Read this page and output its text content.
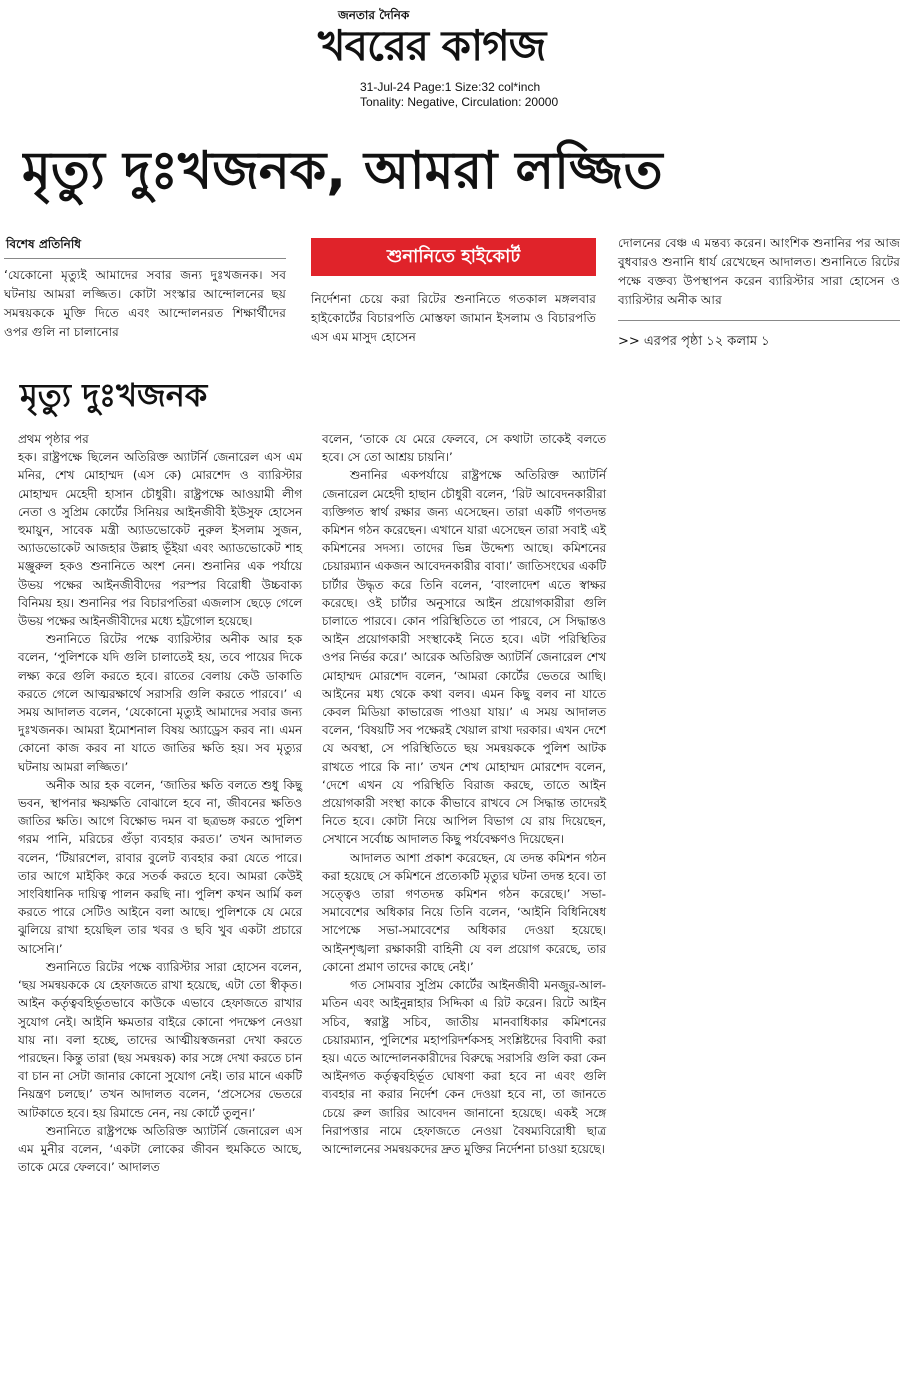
জনতার দৈনিক
খবরের কাগজ
31-Jul-24 Page:1 Size:32 col*inch
Tonality: Negative, Circulation: 20000
মৃত্যু দুঃখজনক, আমরা লজ্জিত
বিশেষ প্রতিনিধি

‘যেকোনো মৃত্যুই আমাদের সবার জন্য দুঃখজনক। সব ঘটনায় আমরা লজ্জিত। কোটা সংস্কার আন্দোলনের ছয় সমন্বয়ককে মুক্তি দিতে এবং আন্দোলনরত শিক্ষার্থীদের ওপর গুলি না চালানোর

শুনানিতে হাইকোর্ট

নির্দেশনা চেয়ে করা রিটের শুনানিতে গতকাল মঙ্গলবার হাইকোর্টের বিচারপতি মোস্তফা জামান ইসলাম ও বিচারপতি এস এম মাসুদ হোসেন

দোলনের বেঞ্চ এ মন্তব্য করেন। আংশিক শুনানির পর আজ বুধবারও শুনানি ধার্য রেখেছেন আদালত। শুনানিতে রিটের পক্ষে বক্তব্য উপস্থাপন করেন ব্যারিস্টার সারা হোসেন ও ব্যারিস্টার অনীক আর

>> এরপর পৃষ্ঠা ১২ কলাম ১
মৃত্যু দুঃখজনক

প্রথম পৃষ্ঠার পর

হক। রাষ্ট্রপক্ষে ছিলেন অতিরিক্ত অ্যাটর্নি জেনারেল এস এম মনির, শেখ মোহাম্মদ (এস কে) মোরশেদ ও ব্যারিস্টার মোহাম্মদ মেহেদী হাসান চৌধুরী। রাষ্ট্রপক্ষে আওয়ামী লীগ নেতা ও সুপ্রিম কোর্টের সিনিয়র আইনজীবী ইউসুফ হোসেন হুমায়ুন, সাবেক মন্ত্রী অ্যাডভোকেট নুরুল ইসলাম সুজন, অ্যাডভোকেট আজহার উল্লাহ ভূঁইয়া এবং অ্যাডভোকেট শাহ মঞ্জুরুল হকও শুনানিতে অংশ নেন। শুনানির এক পর্যায়ে উভয় পক্ষের আইনজীবীদের পরস্পর বিরোধী উচ্চবাক্য বিনিময় হয়। শুনানির পর বিচারপতিরা এজলাস ছেড়ে গেলে উভয় পক্ষের আইনজীবীদের মধ্যে হট্টগোল হয়েছে।

শুনানিতে রিটের পক্ষে ব্যারিস্টার অনীক আর হক বলেন, ‘পুলিশকে যদি গুলি চালাতেই হয়, তবে পায়ের দিকে লক্ষ্য করে গুলি করতে হবে। রাতের বেলায় কেউ ডাকাতি করতে গেলে আত্মরক্ষার্থে সরাসরি গুলি করতে পারবে।’ এ সময় আদালত বলেন, ‘যেকোনো মৃত্যুই আমাদের সবার জন্য দুঃখজনক। আমরা ইমোশনাল বিষয় অ্যাড্রেস করব না। এমন কোনো কাজ করব না যাতে জাতির ক্ষতি হয়। সব মৃত্যুর ঘটনায় আমরা লজ্জিত।’

অনীক আর হক বলেন, ‘জাতির ক্ষতি বলতে শুধু কিছু ভবন, স্থাপনার ক্ষয়ক্ষতি বোঝালে হবে না, জীবনের ক্ষতিও জাতির ক্ষতি। আগে বিক্ষোভ দমন বা ছত্রভঙ্গ করতে পুলিশ গরম পানি, মরিচের গুঁড়া ব্যবহার করত।’ তখন আদালত বলেন, ‘টিয়ারশেল, রাবার বুলেট ব্যবহার করা যেতে পারে। তার আগে মাইকিং করে সতর্ক করতে হবে। আমরা কেউই সাংবিধানিক দায়িত্ব পালন করছি না। পুলিশ কখন আর্মি কল করতে পারে সেটিও আইনে বলা আছে। পুলিশকে যে মেরে ঝুলিয়ে রাখা হয়েছিল তার খবর ও ছবি খুব একটা প্রচারে আসেনি।’

শুনানিতে রিটের পক্ষে ব্যারিস্টার সারা হোসেন বলেন, ‘ছয় সমন্বয়ককে যে হেফাজতে রাখা হয়েছে, এটা তো স্বীকৃত। আইন কর্তৃত্ববহির্ভূতভাবে কাউকে এভাবে হেফাজতে রাখার সুযোগ নেই। আইনি ক্ষমতার বাইরে কোনো পদক্ষেপ নেওয়া যায় না। বলা হচ্ছে, তাদের আত্মীয়স্বজনরা দেখা করতে পারছেন। কিন্তু তারা (ছয় সমন্বয়ক) কার সঙ্গে দেখা করতে চান বা চান না সেটা জানার কোনো সুযোগ নেই। তার মানে একটি নিয়ন্ত্রণ চলছে।’ তখন আদালত বলেন, ‘প্রসেসের ভেতরে আটকাতে হবে। হয় রিমান্ডে নেন, নয় কোর্টে তুলুন।’

শুনানিতে রাষ্ট্রপক্ষে অতিরিক্ত অ্যাটর্নি জেনারেল এস এম মুনীর বলেন, ‘একটা লোকের জীবন হুমকিতে আছে, তাকে মেরে ফেলবে।’ আদালত

বলেন, ‘তাকে যে মেরে ফেলবে, সে কথাটা তাকেই বলতে হবে। সে তো আশ্রয় চায়নি।’

শুনানির একপর্যায়ে রাষ্ট্রপক্ষে অতিরিক্ত অ্যাটর্নি জেনারেল মেহেদী হাছান চৌধুরী বলেন, ‘রিট আবেদনকারীরা ব্যক্তিগত স্বার্থ রক্ষার জন্য এসেছেন। তারা একটি গণতদন্ত কমিশন গঠন করেছেন। এখানে যারা এসেছেন তারা সবাই এই কমিশনের সদস্য। তাদের ভিন্ন উদ্দেশ্য আছে। কমিশনের চেয়ারম্যান একজন আবেদনকারীর বাবা।’ জাতিসংঘের একটি চার্টার উদ্ধৃত করে তিনি বলেন, ‘বাংলাদেশ এতে স্বাক্ষর করেছে। ওই চার্টার অনুসারে আইন প্রয়োগকারীরা গুলি চালাতে পারবে। কোন পরিস্থিতিতে তা পারবে, সে সিদ্ধান্তও আইন প্রয়োগকারী সংস্থাকেই নিতে হবে। এটা পরিস্থিতির ওপর নির্ভর করে।’ আরেক অতিরিক্ত অ্যাটর্নি জেনারেল শেখ মোহাম্মদ মোরশেদ বলেন, ‘আমরা কোর্টের ভেতরে আছি। আইনের মধ্য থেকে কথা বলব। এমন কিছু বলব না যাতে কেবল মিডিয়া কাভারেজ পাওয়া যায়।’ এ সময় আদালত বলেন, ‘বিষয়টি সব পক্ষেরই খেয়াল রাখা দরকার। এখন দেশে যে অবস্থা, সে পরিস্থিতিতে ছয় সমন্বয়ককে পুলিশ আটক রাখতে পারে কি না।’ তখন শেখ মোহাম্মদ মোরশেদ বলেন, ‘দেশে এখন যে পরিস্থিতি বিরাজ করছে, তাতে আইন প্রয়োগকারী সংস্থা কাকে কীভাবে রাখবে সে সিদ্ধান্ত তাদেরই নিতে হবে। কোটা নিয়ে আপিল বিভাগ যে রায় দিয়েছেন, সেখানে সর্বোচ্চ আদালত কিছু পর্যবেক্ষণও দিয়েছেন।

আদালত আশা প্রকাশ করেছেন, যে তদন্ত কমিশন গঠন করা হয়েছে সে কমিশনে প্রত্যেকটি মৃত্যুর ঘটনা তদন্ত হবে। তা সত্ত্বেও তারা গণতদন্ত কমিশন গঠন করেছে।’ সভা-সমাবেশের অধিকার নিয়ে তিনি বলেন, ‘আইনি বিধিনিষেধ সাপেক্ষে সভা-সমাবেশের অধিকার দেওয়া হয়েছে। আইনশৃঙ্খলা রক্ষাকারী বাহিনী যে বল প্রয়োগ করেছে, তার কোনো প্রমাণ তাদের কাছে নেই।’

গত সোমবার সুপ্রিম কোর্টের আইনজীবী মনজুর-আল-মতিন এবং আইনুন্নাহার সিদ্দিকা এ রিট করেন। রিটে আইন সচিব, স্বরাষ্ট্র সচিব, জাতীয় মানবাধিকার কমিশনের চেয়ারম্যান, পুলিশের মহাপরিদর্শকসহ সংশ্লিষ্টদের বিবাদী করা হয়। এতে আন্দোলনকারীদের বিরুদ্ধে সরাসরি গুলি করা কেন আইনগত কর্তৃত্ববহির্ভূত ঘোষণা করা হবে না এবং গুলি ব্যবহার না করার নির্দেশ কেন দেওয়া হবে না, তা জানতে চেয়ে রুল জারির আবেদন জানানো হয়েছে। একই সঙ্গে নিরাপত্তার নামে হেফাজতে নেওয়া বৈষম্যবিরোধী ছাত্র আন্দোলনের সমন্বয়কদের দ্রুত মুক্তির নির্দেশনা চাওয়া হয়েছে।
